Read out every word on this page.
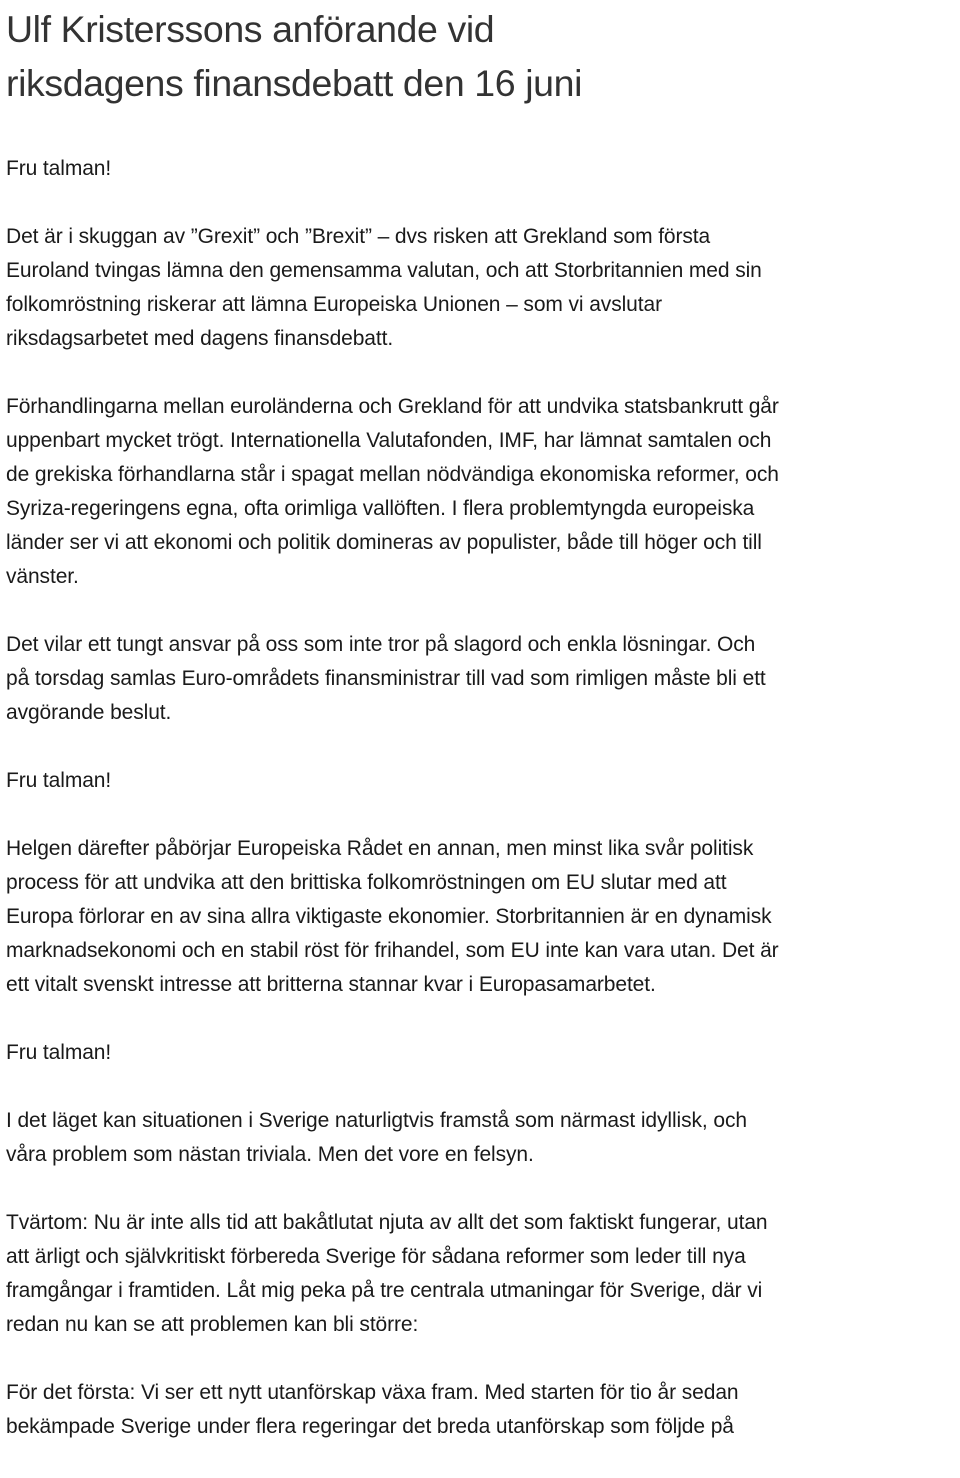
Ulf Kristerssons anförande vid
riksdagens finansdebatt den 16 juni

Fru talman!

Det är i skuggan av ”Grexit” och ”Brexit” – dvs risken att Grekland som första
Euroland tvingas lämna den gemensamma valutan, och att Storbritannien med sin
folkomröstning riskerar att lämna Europeiska Unionen – som vi avslutar
riksdagsarbetet med dagens finansdebatt.

Förhandlingarna mellan euroländerna och Grekland för att undvika statsbankrutt går
uppenbart mycket trögt. Internationella Valutafonden, IMF, har lämnat samtalen och
de grekiska förhandlarna står i spagat mellan nödvändiga ekonomiska reformer, och
Syriza-regeringens egna, ofta orimliga vallöften. I flera problemtyngda europeiska
länder ser vi att ekonomi och politik domineras av populister, både till höger och till
vänster.

Det vilar ett tungt ansvar på oss som inte tror på slagord och enkla lösningar. Och
på torsdag samlas Euro-områdets finansministrar till vad som rimligen måste bli ett
avgörande beslut.

Fru talman!

Helgen därefter påbörjar Europeiska Rådet en annan, men minst lika svår politisk
process för att undvika att den brittiska folkomröstningen om EU slutar med att
Europa förlorar en av sina allra viktigaste ekonomier. Storbritannien är en dynamisk
marknadsekonomi och en stabil röst för frihandel, som EU inte kan vara utan. Det är
ett vitalt svenskt intresse att britterna stannar kvar i Europasamarbetet.

Fru talman!

I det läget kan situationen i Sverige naturligtvis framstå som närmast idyllisk, och
våra problem som nästan triviala. Men det vore en felsyn.

Tvärtom: Nu är inte alls tid att bakåtlutat njuta av allt det som faktiskt fungerar, utan
att ärligt och självkritiskt förbereda Sverige för sådana reformer som leder till nya
framgångar i framtiden. Låt mig peka på tre centrala utmaningar för Sverige, där vi
redan nu kan se att problemen kan bli större:

För det första: Vi ser ett nytt utanförskap växa fram. Med starten för tio år sedan
bekämpade Sverige under flera regeringar det breda utanförskap som följde på
